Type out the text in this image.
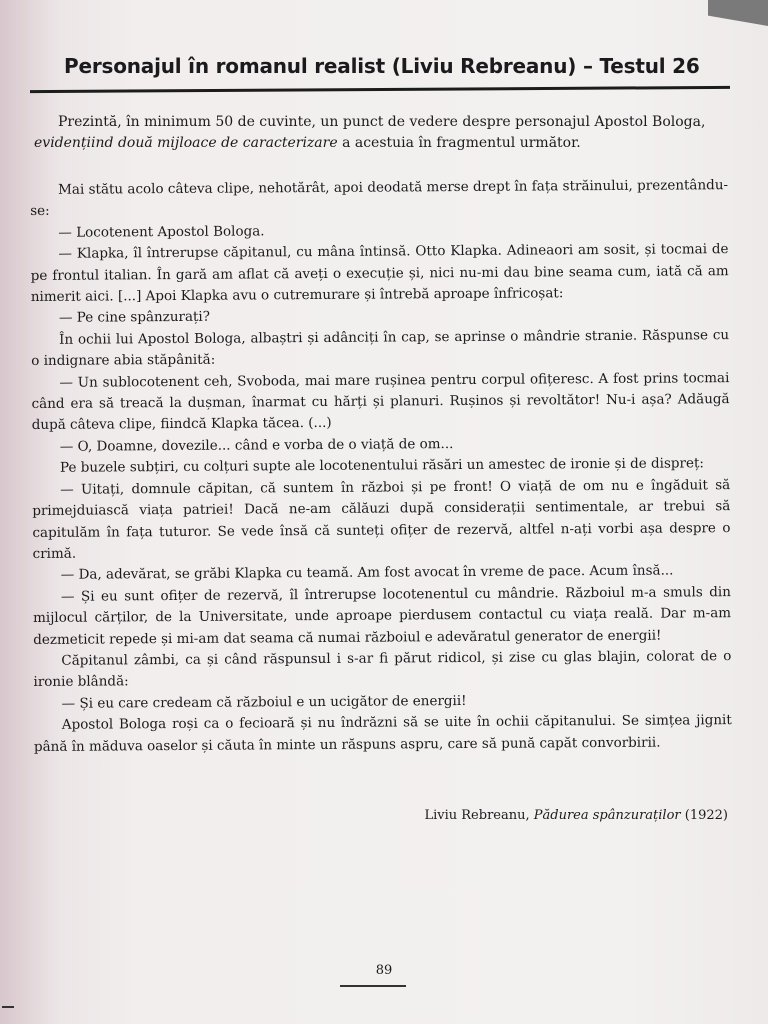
Personajul în romanul realist (Liviu Rebreanu) – Testul 26

Prezintă, în minimum 50 de cuvinte, un punct de vedere despre personajul Apostol Bologa,

evidențiind două mijloace de caracterizare a acestuia în fragmentul următor.

Mai stătu acolo câteva clipe, nehotărât, apoi deodată merse drept în fața străinului, prezentându-se:

— Locotenent Apostol Bologa.

— Klapka, îl întrerupse căpitanul, cu mâna întinsă. Otto Klapka. Adineaori am sosit, și tocmai de pe frontul italian. În gară am aflat că aveți o execuție și, nici nu-mi dau bine seama cum, iată că am nimerit aici. [...] Apoi Klapka avu o cutremurare și întrebă aproape înfricoșat:

— Pe cine spânzurați?

În ochii lui Apostol Bologa, albaștri și adânciți în cap, se aprinse o mândrie stranie. Răspunse cu o indignare abia stăpânită:

— Un sublocotenent ceh, Svoboda, mai mare rușinea pentru corpul ofițeresc. A fost prins tocmai când era să treacă la dușman, înarmat cu hărți și planuri. Rușinos și revoltător! Nu-i așa? Adăugă după câteva clipe, fiindcă Klapka tăcea. (...)

— O, Doamne, dovezile... când e vorba de o viață de om...

Pe buzele subțiri, cu colțuri supte ale locotenentului răsări un amestec de ironie și de dispreț:

— Uitați, domnule căpitan, că suntem în război și pe front! O viață de om nu e îngăduit să primejduiască viața patriei! Dacă ne-am călăuzi după considerații sentimentale, ar trebui să capitulăm în fața tuturor. Se vede însă că sunteți ofițer de rezervă, altfel n-ați vorbi așa despre o crimă.

— Da, adevărat, se grăbi Klapka cu teamă. Am fost avocat în vreme de pace. Acum însă...

— Și eu sunt ofițer de rezervă, îl întrerupse locotenentul cu mândrie. Războiul m-a smuls din mijlocul cărților, de la Universitate, unde aproape pierdusem contactul cu viața reală. Dar m-am dezmeticit repede și mi-am dat seama că numai războiul e adevăratul generator de energii!

Căpitanul zâmbi, ca și când răspunsul i s-ar fi părut ridicol, și zise cu glas blajin, colorat de o ironie blândă:

— Și eu care credeam că războiul e un ucigător de energii!

Apostol Bologa roși ca o fecioară și nu îndrăzni să se uite în ochii căpitanului. Se simțea jignit până în măduva oaselor și căuta în minte un răspuns aspru, care să pună capăt convorbirii.

Liviu Rebreanu, Pădurea spânzuraților (1922)
89
